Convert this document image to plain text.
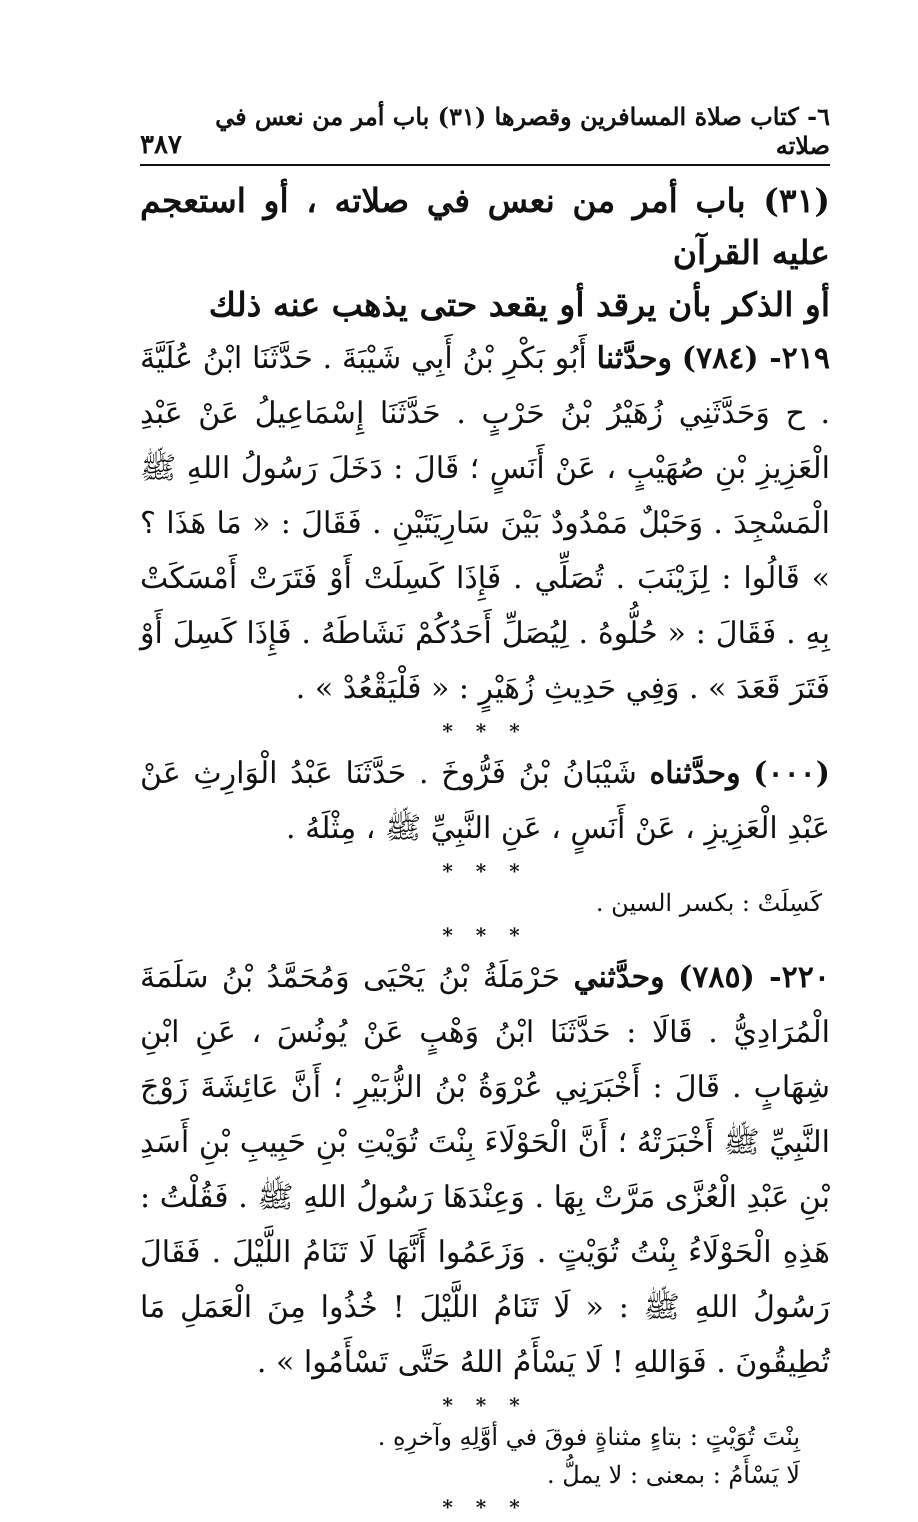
٣٨٧
٦- كتاب صلاة المسافرين وقصرها (٣١) باب أمر من نعس في صلاته

(٣١) باب أمر من نعس في صلاته ، أو استعجم عليه القرآن
أو الذكر بأن يرقد أو يقعد حتى يذهب عنه ذلك

٢١٩- (٧٨٤) وحدَّثنا أَبُو بَكْرِ بْنُ أَبِي شَيْبَةَ . حَدَّثَنَا ابْنُ عُلَيَّةَ . ح وَحَدَّثَنِي زُهَيْرُ بْنُ حَرْبٍ . حَدَّثَنَا إِسْمَاعِيلُ عَنْ عَبْدِ الْعَزِيزِ بْنِ صُهَيْبٍ ، عَنْ أَنَسٍ ؛ قَالَ : دَخَلَ رَسُولُ اللهِ ﷺ الْمَسْجِدَ . وَحَبْلٌ مَمْدُودٌ بَيْنَ سَارِيَتَيْنِ . فَقَالَ : « مَا هَذَا ؟ » قَالُوا : لِزَيْنَبَ . تُصَلِّي . فَإِذَا كَسِلَتْ أَوْ فَتَرَتْ أَمْسَكَتْ بِهِ . فَقَالَ : « حُلُّوهُ . لِيُصَلِّ أَحَدُكُمْ نَشَاطَهُ . فَإِذَا كَسِلَ أَوْ فَتَرَ قَعَدَ » . وَفِي حَدِيثِ زُهَيْرٍ : « فَلْيَقْعُدْ » .

* * *

(٠٠٠) وحدَّثناه شَيْبَانُ بْنُ فَرُّوخَ . حَدَّثَنَا عَبْدُ الْوَارِثِ عَنْ عَبْدِ الْعَزِيزِ ، عَنْ أَنَسٍ ، عَنِ النَّبِيِّ ﷺ ، مِثْلَهُ .

* * *

كَسِلَتْ : بكسر السين .

* * *

٢٢٠- (٧٨٥) وحدَّثني حَرْمَلَةُ بْنُ يَحْيَى وَمُحَمَّدُ بْنُ سَلَمَةَ الْمُرَادِيُّ . قَالَا : حَدَّثَنَا ابْنُ وَهْبٍ عَنْ يُونُسَ ، عَنِ ابْنِ شِهَابٍ . قَالَ : أَخْبَرَنِي عُرْوَةُ بْنُ الزُّبَيْرِ ؛ أَنَّ عَائِشَةَ زَوْجَ النَّبِيِّ ﷺ أَخْبَرَتْهُ ؛ أَنَّ الْحَوْلَاءَ بِنْتَ تُوَيْتِ بْنِ حَبِيبِ بْنِ أَسَدِ بْنِ عَبْدِ الْعُزَّى مَرَّتْ بِهَا . وَعِنْدَهَا رَسُولُ اللهِ ﷺ . فَقُلْتُ : هَذِهِ الْحَوْلَاءُ بِنْتُ تُوَيْتٍ . وَزَعَمُوا أَنَّهَا لَا تَنَامُ اللَّيْلَ . فَقَالَ رَسُولُ اللهِ ﷺ : « لَا تَنَامُ اللَّيْلَ ! خُذُوا مِنَ الْعَمَلِ مَا تُطِيقُونَ . فَوَاللهِ ! لَا يَسْأَمُ اللهُ حَتَّى تَسْأَمُوا » .

* * *

بِنْتَ تُوَيْتٍ : بتاءٍ مثناةٍ فوقَ في أوَّلِهِ وآخرِهِ .

لَا يَسْأَمُ : بمعنى : لا يملُّ .

* * *
